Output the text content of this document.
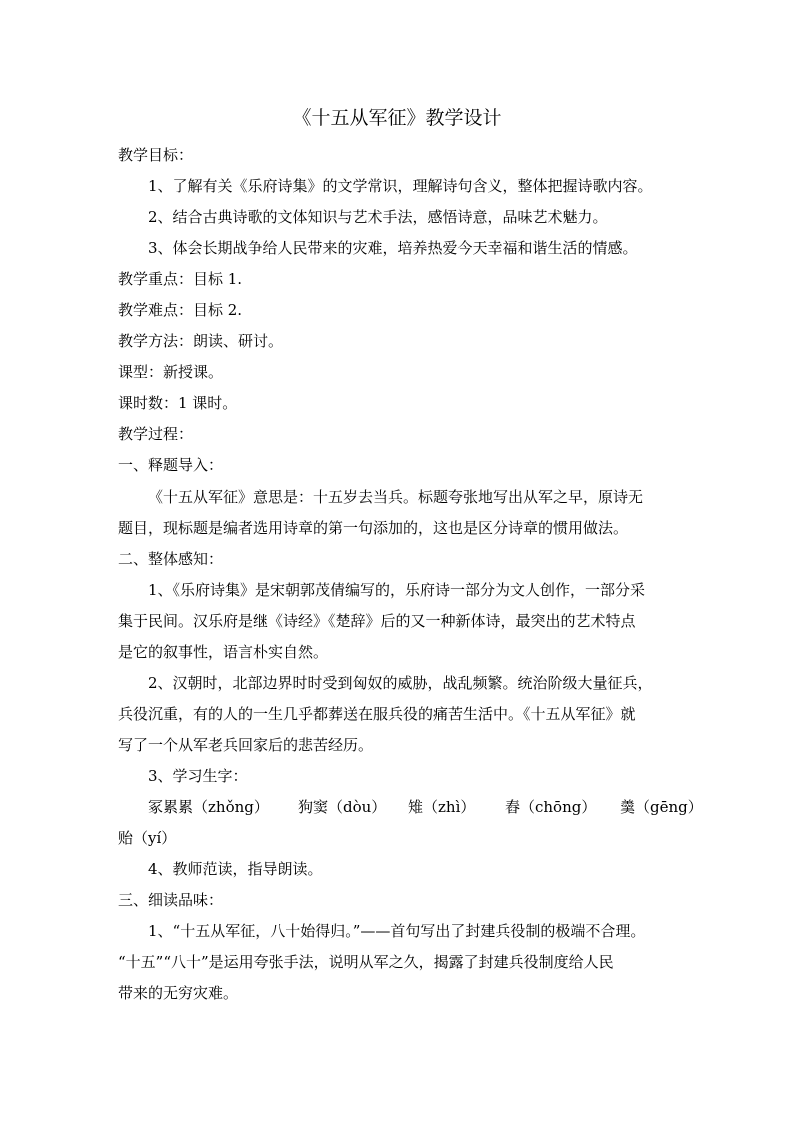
《十五从军征》教学设计
教学目标：
1、了解有关《乐府诗集》的文学常识，理解诗句含义，整体把握诗歌内容。
2、结合古典诗歌的文体知识与艺术手法，感悟诗意，品味艺术魅力。
3、体会长期战争给人民带来的灾难，培养热爱今天幸福和谐生活的情感。
教学重点：目标 1.
教学难点：目标 2.
教学方法：朗读、研讨。
课型：新授课。
课时数：1 课时。
教学过程：
一、释题导入：
《十五从军征》意思是：十五岁去当兵。标题夸张地写出从军之早，原诗无
题目，现标题是编者选用诗章的第一句添加的，这也是区分诗章的惯用做法。
二、整体感知：
1、《乐府诗集》是宋朝郭茂倩编写的，乐府诗一部分为文人创作，一部分采
集于民间。汉乐府是继《诗经》《楚辞》后的又一种新体诗，最突出的艺术特点
是它的叙事性，语言朴实自然。
2、汉朝时，北部边界时时受到匈奴的威胁，战乱频繁。统治阶级大量征兵，
兵役沉重，有的人的一生几乎都葬送在服兵役的痛苦生活中。《十五从军征》就
写了一个从军老兵回家后的悲苦经历。
3、学习生字：
冢累累（zhǒng） 狗窦（dòu） 雉（zhì） 舂（chōng） 羹（gēng）
贻（yí）
4、教师范读，指导朗读。
三、细读品味：
1、“十五从军征，八十始得归。”——首句写出了封建兵役制的极端不合理。
“十五”“八十”是运用夸张手法，说明从军之久，揭露了封建兵役制度给人民
带来的无穷灾难。
